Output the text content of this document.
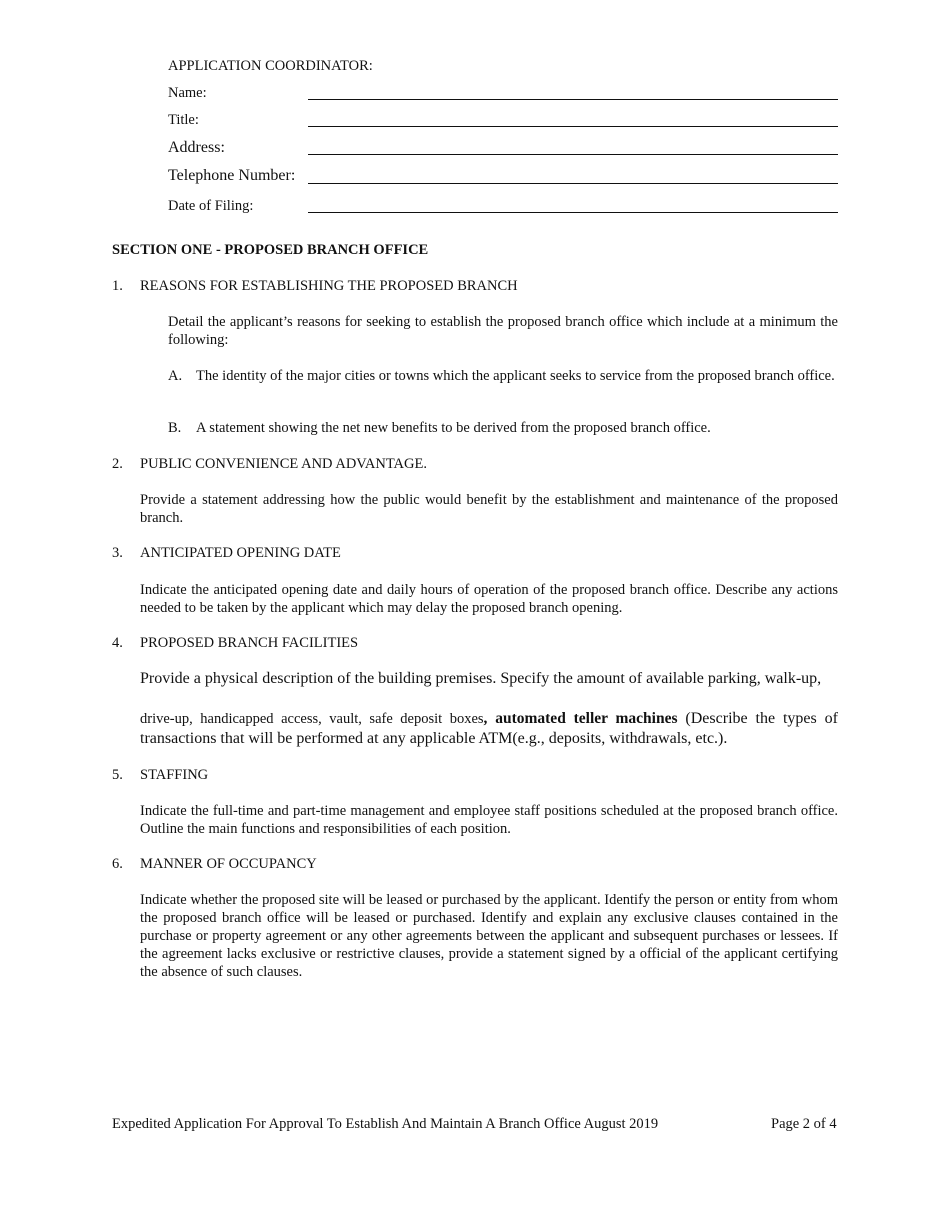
APPLICATION COORDINATOR:
Name:
Title:
Address:
Telephone Number:
Date of Filing:
SECTION ONE - PROPOSED BRANCH OFFICE
1. REASONS FOR ESTABLISHING THE PROPOSED BRANCH
Detail the applicant’s reasons for seeking to establish the proposed branch office which include at a minimum the following:
A. The identity of the major cities or towns which the applicant seeks to service from the proposed branch office.
B. A statement showing the net new benefits to be derived from the proposed branch office.
2. PUBLIC CONVENIENCE AND ADVANTAGE.
Provide a statement addressing how the public would benefit by the establishment and maintenance of the proposed branch.
3. ANTICIPATED OPENING DATE
Indicate the anticipated opening date and daily hours of operation of the proposed branch office. Describe any actions needed to be taken by the applicant which may delay the proposed branch opening.
4. PROPOSED BRANCH FACILITIES
Provide a physical description of the building premises. Specify the amount of available parking, walk-up,
drive-up, handicapped access, vault, safe deposit boxes, automated teller machines (Describe the types of transactions that will be performed at any applicable ATM(e.g., deposits, withdrawals, etc.).
5. STAFFING
Indicate the full-time and part-time management and employee staff positions scheduled at the proposed branch office. Outline the main functions and responsibilities of each position.
6. MANNER OF OCCUPANCY
Indicate whether the proposed site will be leased or purchased by the applicant. Identify the person or entity from whom the proposed branch office will be leased or purchased. Identify and explain any exclusive clauses contained in the purchase or property agreement or any other agreements between the applicant and subsequent purchases or lessees. If the agreement lacks exclusive or restrictive clauses, provide a statement signed by a official of the applicant certifying the absence of such clauses.
Expedited Application For Approval To Establish And Maintain A Branch Office August 2019	Page 2 of 4
